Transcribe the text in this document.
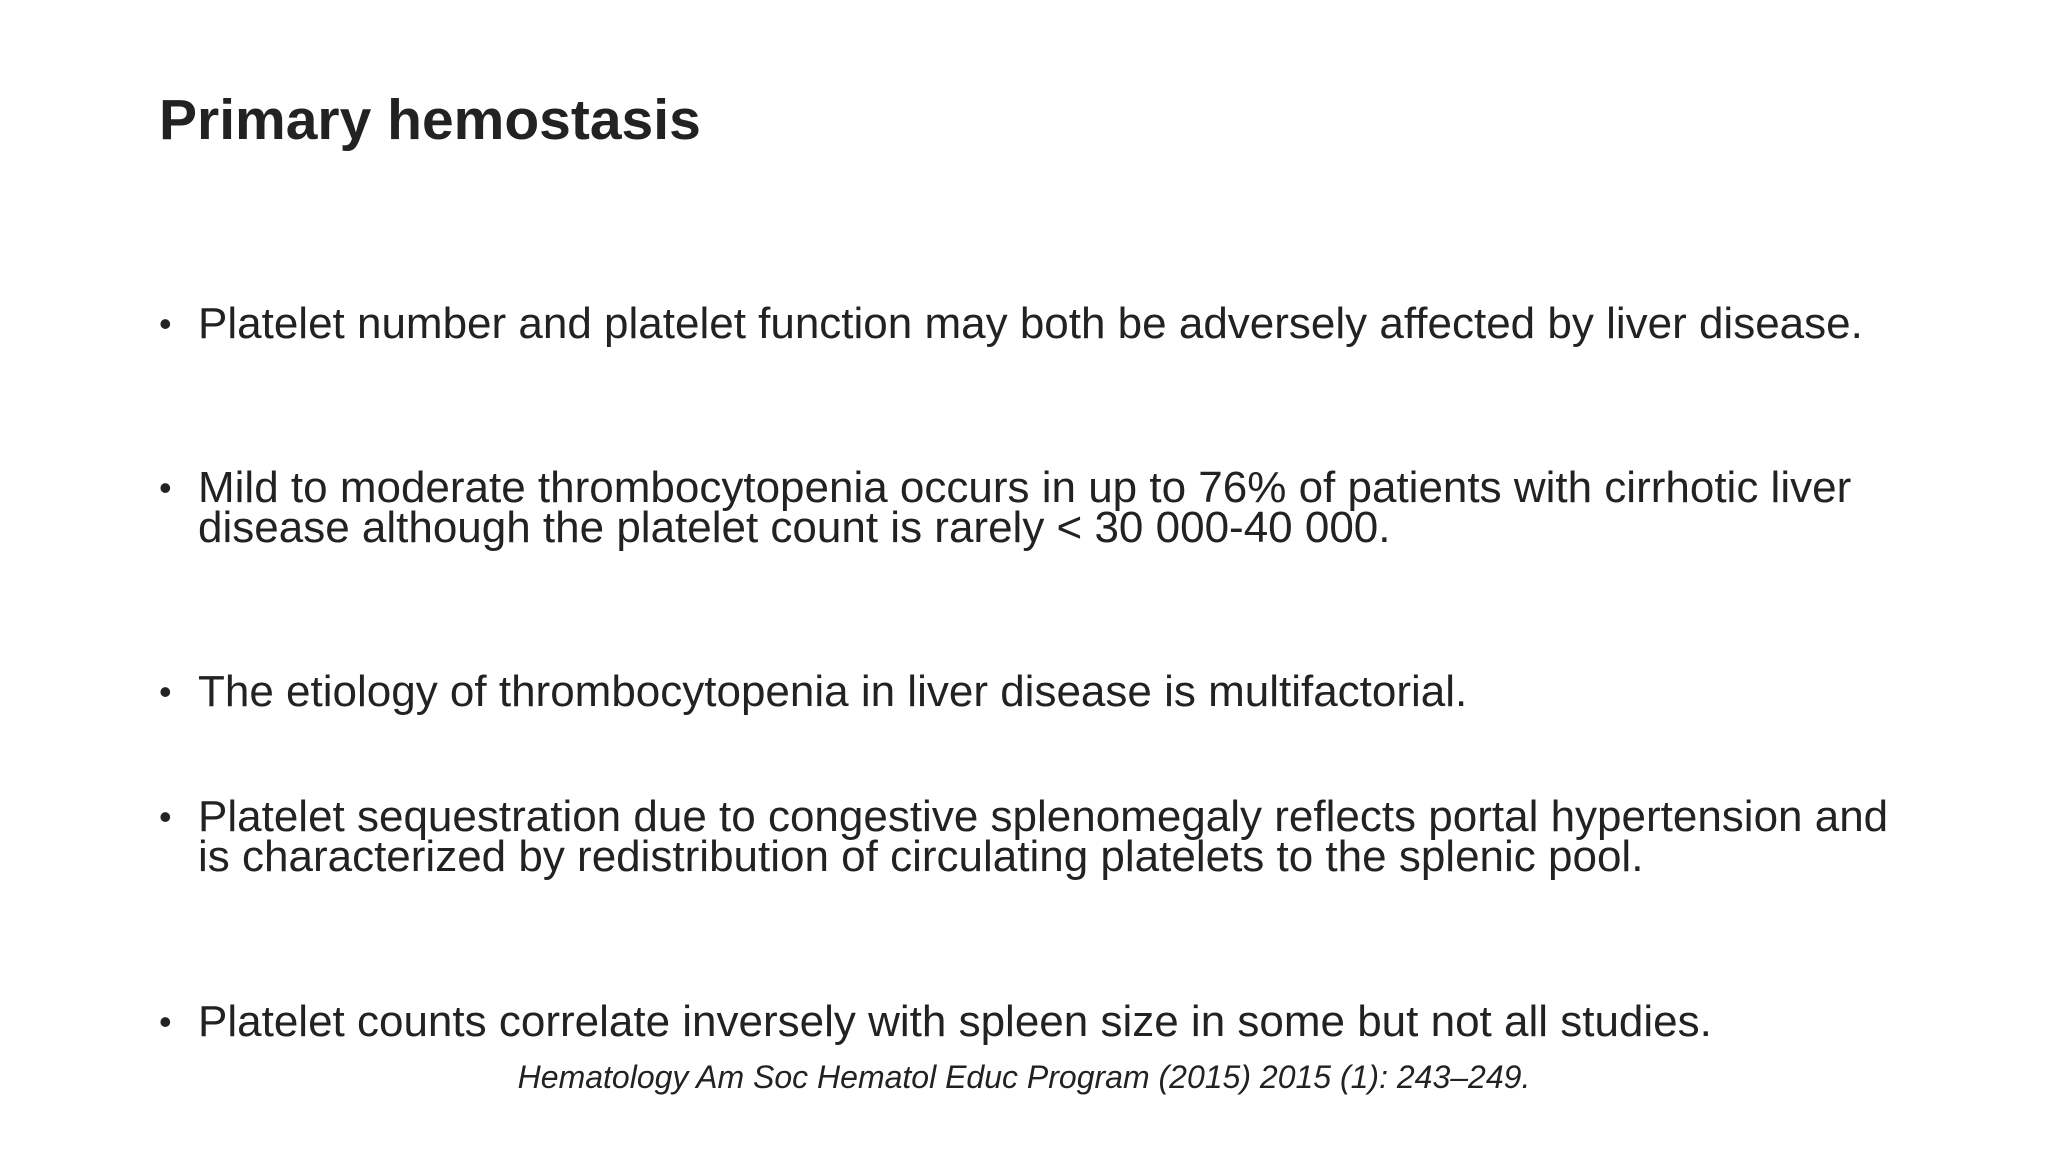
Primary hemostasis
• Platelet number and platelet function may both be adversely affected by liver disease.
• Mild to moderate thrombocytopenia occurs in up to 76% of patients with cirrhotic liver disease although the platelet count is rarely < 30 000-40 000.
• The etiology of thrombocytopenia in liver disease is multifactorial.
• Platelet sequestration due to congestive splenomegaly reflects portal hypertension and is characterized by redistribution of circulating platelets to the splenic pool.
• Platelet counts correlate inversely with spleen size in some but not all studies.

Hematology Am Soc Hematol Educ Program (2015) 2015 (1): 243–249.
